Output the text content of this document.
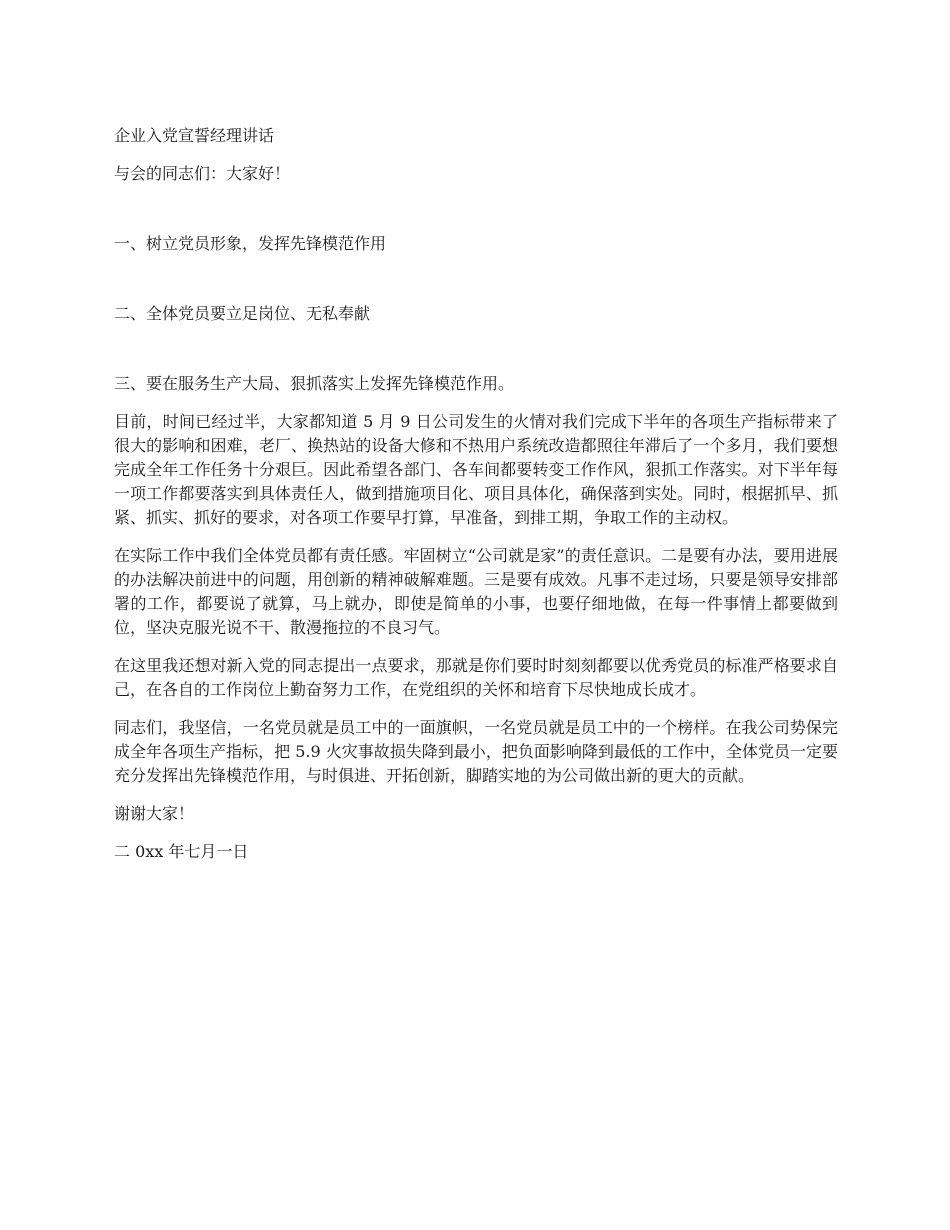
企业入党宣誓经理讲话

与会的同志们：大家好！

一、树立党员形象，发挥先锋模范作用

二、全体党员要立足岗位、无私奉献

三、要在服务生产大局、狠抓落实上发挥先锋模范作用。

目前，时间已经过半，大家都知道 5 月 9 日公司发生的火情对我们完成下半年的各项生产指标带来了很大的影响和困难，老厂、换热站的设备大修和不热用户系统改造都照往年滞后了一个多月，我们要想完成全年工作任务十分艰巨。因此希望各部门、各车间都要转变工作作风，狠抓工作落实。对下半年每一项工作都要落实到具体责任人，做到措施项目化、项目具体化，确保落到实处。同时，根据抓早、抓紧、抓实、抓好的要求，对各项工作要早打算，早准备，到排工期，争取工作的主动权。

在实际工作中我们全体党员都有责任感。牢固树立“公司就是家”的责任意识。二是要有办法，要用进展的办法解决前进中的问题，用创新的精神破解难题。三是要有成效。凡事不走过场，只要是领导安排部署的工作，都要说了就算，马上就办，即使是简单的小事，也要仔细地做，在每一件事情上都要做到位，坚决克服光说不干、散漫拖拉的不良习气。

在这里我还想对新入党的同志提出一点要求，那就是你们要时时刻刻都要以优秀党员的标准严格要求自己，在各自的工作岗位上勤奋努力工作，在党组织的关怀和培育下尽快地成长成才。

同志们，我坚信，一名党员就是员工中的一面旗帜，一名党员就是员工中的一个榜样。在我公司势保完成全年各项生产指标，把 5.9 火灾事故损失降到最小，把负面影响降到最低的工作中，全体党员一定要充分发挥出先锋模范作用，与时俱进、开拓创新，脚踏实地的为公司做出新的更大的贡献。

谢谢大家！

二 0xx 年七月一日
